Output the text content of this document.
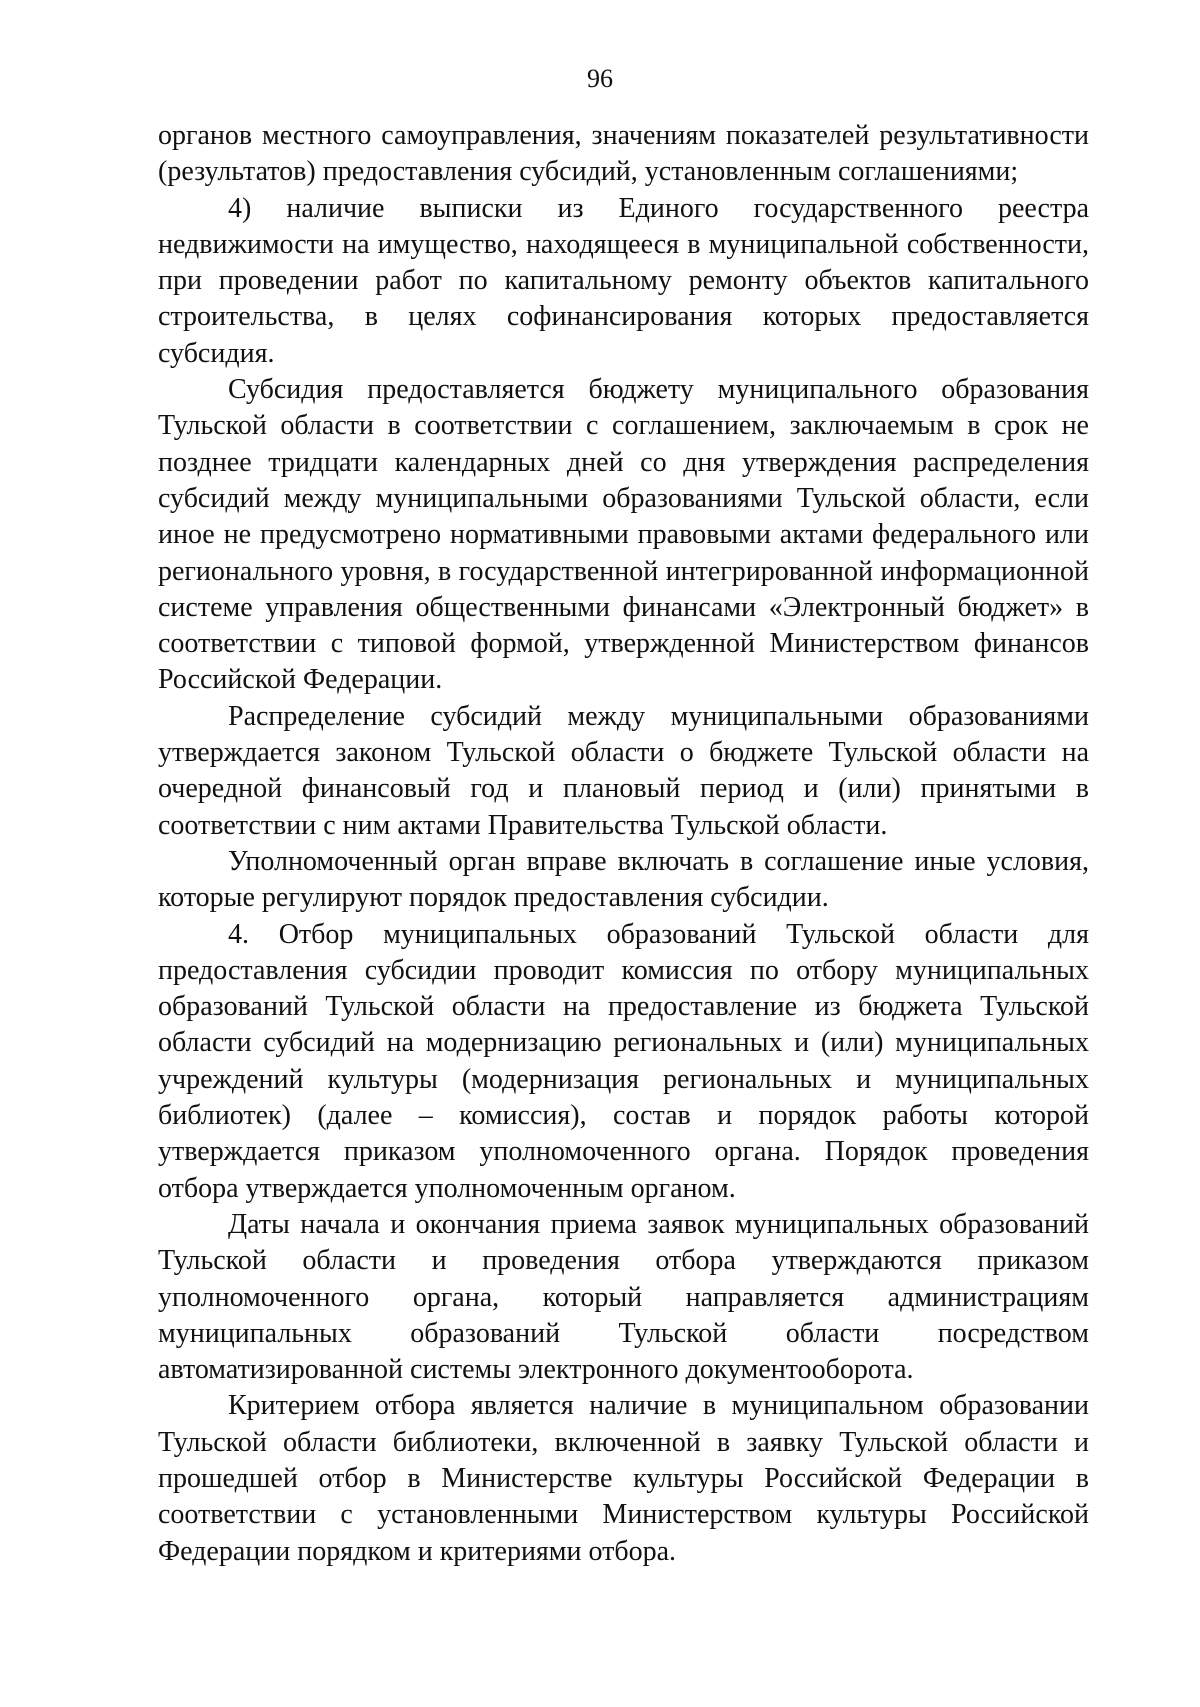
96

органов местного самоуправления, значениям показателей результативности (результатов) предоставления субсидий, установленным соглашениями;

4) наличие выписки из Единого государственного реестра недвижимости на имущество, находящееся в муниципальной собственности, при проведении работ по капитальному ремонту объектов капитального строительства, в целях софинансирования которых предоставляется субсидия.

Субсидия предоставляется бюджету муниципального образования Тульской области в соответствии с соглашением, заключаемым в срок не позднее тридцати календарных дней со дня утверждения распределения субсидий между муниципальными образованиями Тульской области, если иное не предусмотрено нормативными правовыми актами федерального или регионального уровня, в государственной интегрированной информационной системе управления общественными финансами «Электронный бюджет» в соответствии с типовой формой, утвержденной Министерством финансов Российской Федерации.

Распределение субсидий между муниципальными образованиями утверждается законом Тульской области о бюджете Тульской области на очередной финансовый год и плановый период и (или) принятыми в соответствии с ним актами Правительства Тульской области.

Уполномоченный орган вправе включать в соглашение иные условия, которые регулируют порядок предоставления субсидии.

4. Отбор муниципальных образований Тульской области для предоставления субсидии проводит комиссия по отбору муниципальных образований Тульской области на предоставление из бюджета Тульской области субсидий на модернизацию региональных и (или) муниципальных учреждений культуры (модернизация региональных и муниципальных библиотек) (далее – комиссия), состав и порядок работы которой утверждается приказом уполномоченного органа. Порядок проведения отбора утверждается уполномоченным органом.

Даты начала и окончания приема заявок муниципальных образований Тульской области и проведения отбора утверждаются приказом уполномоченного органа, который направляется администрациям муниципальных образований Тульской области посредством автоматизированной системы электронного документооборота.

Критерием отбора является наличие в муниципальном образовании Тульской области библиотеки, включенной в заявку Тульской области и прошедшей отбор в Министерстве культуры Российской Федерации в соответствии с установленными Министерством культуры Российской Федерации порядком и критериями отбора.
